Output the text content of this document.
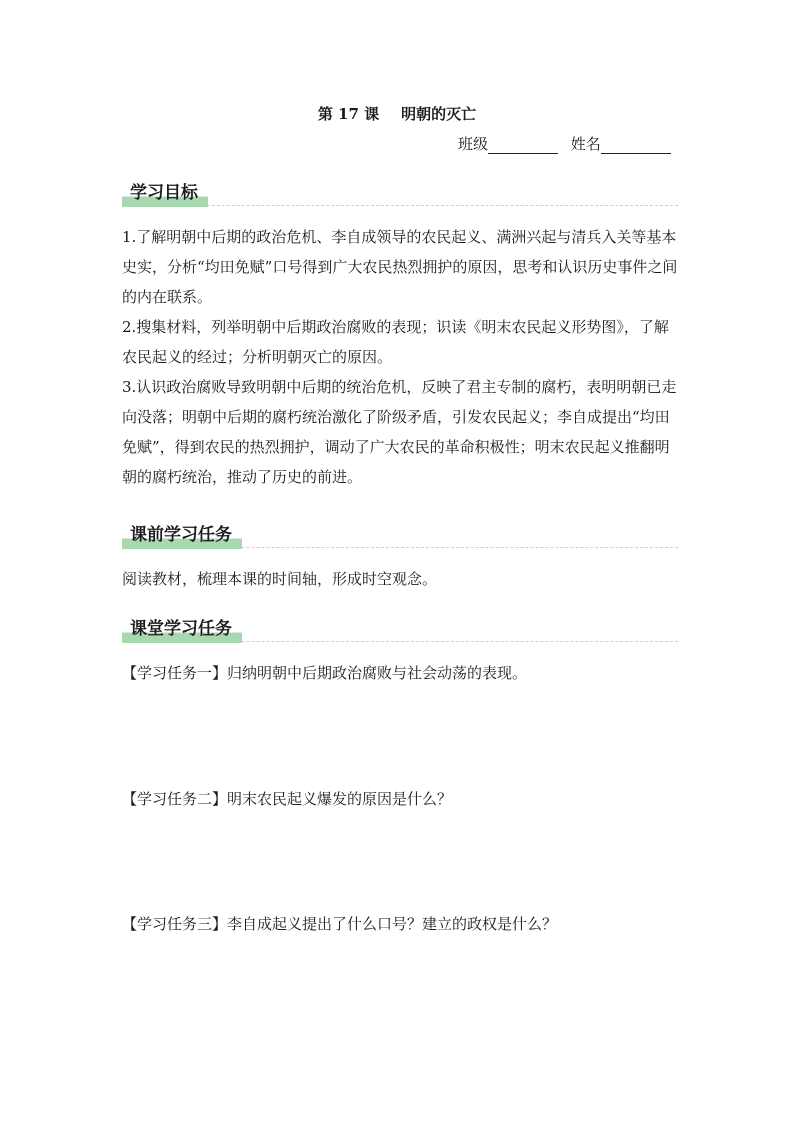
第 17 课 明朝的灭亡
班级	姓名
学习目标
1.了解明朝中后期的政治危机、李自成领导的农民起义、满洲兴起与清兵入关等基本史实，分析“均田免赋”口号得到广大农民热烈拥护的原因，思考和认识历史事件之间的内在联系。
2.搜集材料，列举明朝中后期政治腐败的表现；识读《明末农民起义形势图》，了解农民起义的经过；分析明朝灭亡的原因。
3.认识政治腐败导致明朝中后期的统治危机，反映了君主专制的腐朽，表明明朝已走向没落；明朝中后期的腐朽统治激化了阶级矛盾，引发农民起义；李自成提出“均田免赋”，得到农民的热烈拥护，调动了广大农民的革命积极性；明末农民起义推翻明朝的腐朽统治，推动了历史的前进。
课前学习任务
阅读教材，梳理本课的时间轴，形成时空观念。
课堂学习任务
【学习任务一】归纳明朝中后期政治腐败与社会动荡的表现。
【学习任务二】明末农民起义爆发的原因是什么？
【学习任务三】李自成起义提出了什么口号？建立的政权是什么？
